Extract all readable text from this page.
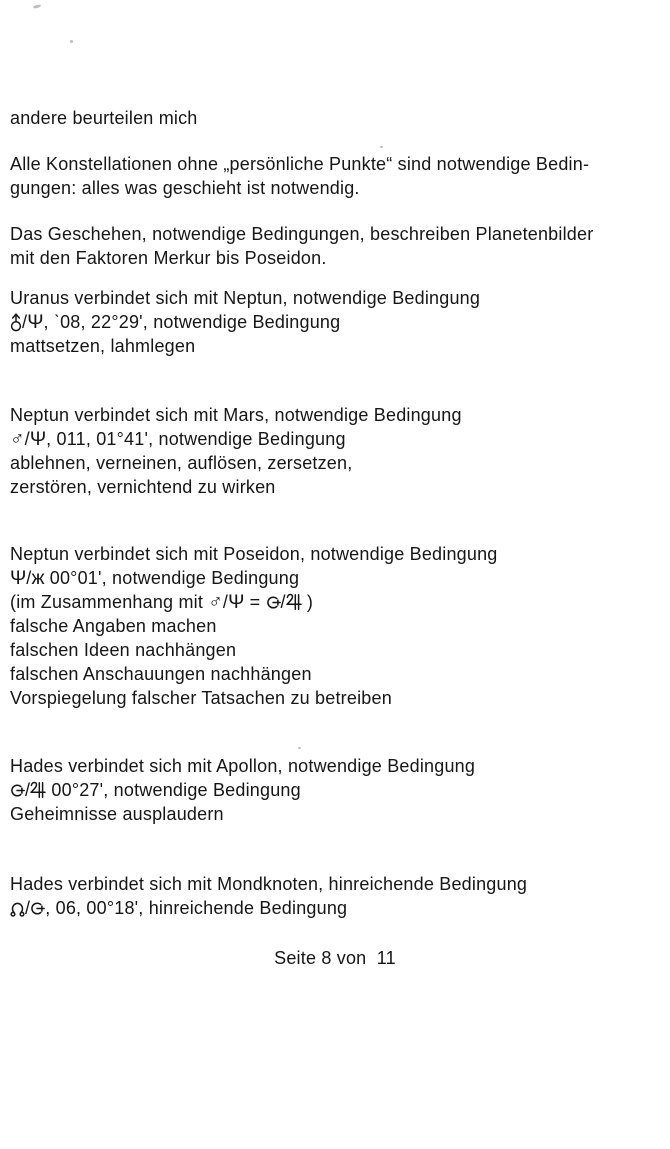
andere beurteilen mich
Alle Konstellationen ohne „persönliche Punkte“ sind notwendige Bedin-
gungen: alles was geschieht ist notwendig.
Das Geschehen, notwendige Bedingungen, beschreiben Planetenbilder
mit den Faktoren Merkur bis Poseidon.
Uranus verbindet sich mit Neptun, notwendige Bedingung
/Ψ, ˋ08, 22°29', notwendige Bedingung
mattsetzen, lahmlegen
Neptun verbindet sich mit Mars, notwendige Bedingung
♂/Ψ, 011, 01°41', notwendige Bedingung
ablehnen, verneinen, auflösen, zersetzen,
zerstören, vernichtend zu wirken
Neptun verbindet sich mit Poseidon, notwendige Bedingung
Ψ/ж 00°01', notwendige Bedingung
(im Zusammenhang mit ♂/Ψ = / )
falsche Angaben machen
falschen Ideen nachhängen
falschen Anschauungen nachhängen
Vorspiegelung falscher Tatsachen zu betreiben
Hades verbindet sich mit Apollon, notwendige Bedingung
/ 00°27', notwendige Bedingung
Geheimnisse ausplaudern
Hades verbindet sich mit Mondknoten, hinreichende Bedingung
/ , 06, 00°18', hinreichende Bedingung
Seite 8 von  11
